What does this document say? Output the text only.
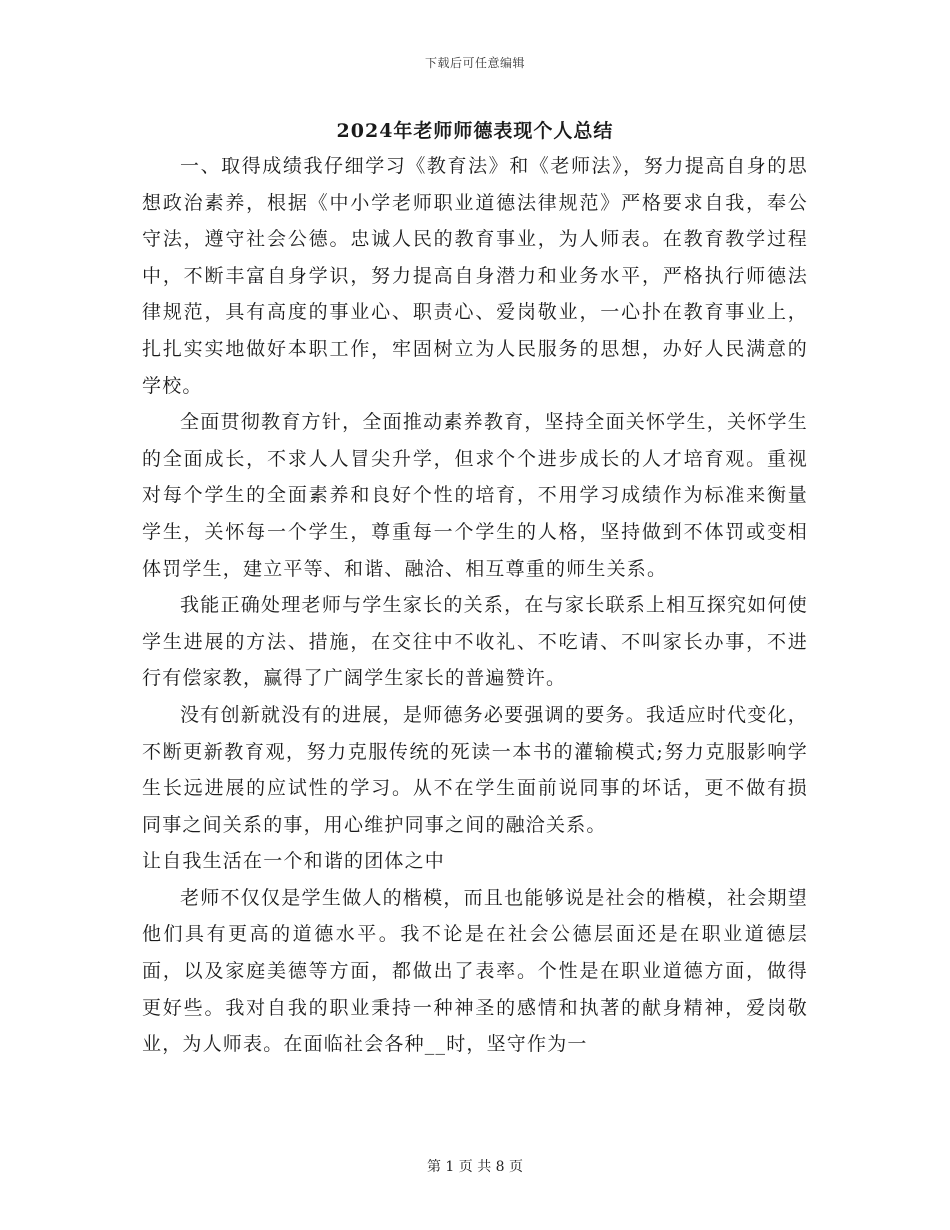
下载后可任意编辑
2024年老师师德表现个人总结

一、取得成绩我仔细学习《教育法》和《老师法》，努力提高自身的思想政治素养，根据《中小学老师职业道德法律规范》严格要求自我，奉公守法，遵守社会公德。忠诚人民的教育事业，为人师表。在教育教学过程中，不断丰富自身学识，努力提高自身潜力和业务水平，严格执行师德法律规范，具有高度的事业心、职责心、爱岗敬业，一心扑在教育事业上，扎扎实实地做好本职工作，牢固树立为人民服务的思想，办好人民满意的学校。

全面贯彻教育方针，全面推动素养教育，坚持全面关怀学生，关怀学生的全面成长，不求人人冒尖升学，但求个个进步成长的人才培育观。重视对每个学生的全面素养和良好个性的培育，不用学习成绩作为标准来衡量学生，关怀每一个学生，尊重每一个学生的人格，坚持做到不体罚或变相体罚学生，建立平等、和谐、融洽、相互尊重的师生关系。

我能正确处理老师与学生家长的关系，在与家长联系上相互探究如何使学生进展的方法、措施，在交往中不收礼、不吃请、不叫家长办事，不进行有偿家教，赢得了广阔学生家长的普遍赞许。

没有创新就没有的进展，是师德务必要强调的要务。我适应时代变化，不断更新教育观，努力克服传统的死读一本书的灌输模式;努力克服影响学生长远进展的应试性的学习。从不在学生面前说同事的坏话，更不做有损同事之间关系的事，用心维护同事之间的融洽关系。

让自我生活在一个和谐的团体之中

老师不仅仅是学生做人的楷模，而且也能够说是社会的楷模，社会期望他们具有更高的道德水平。我不论是在社会公德层面还是在职业道德层面，以及家庭美德等方面，都做出了表率。个性是在职业道德方面，做得更好些。我对自我的职业秉持一种神圣的感情和执著的献身精神，爱岗敬业，为人师表。在面临社会各种__时，坚守作为一

第 1 页 共 8 页
